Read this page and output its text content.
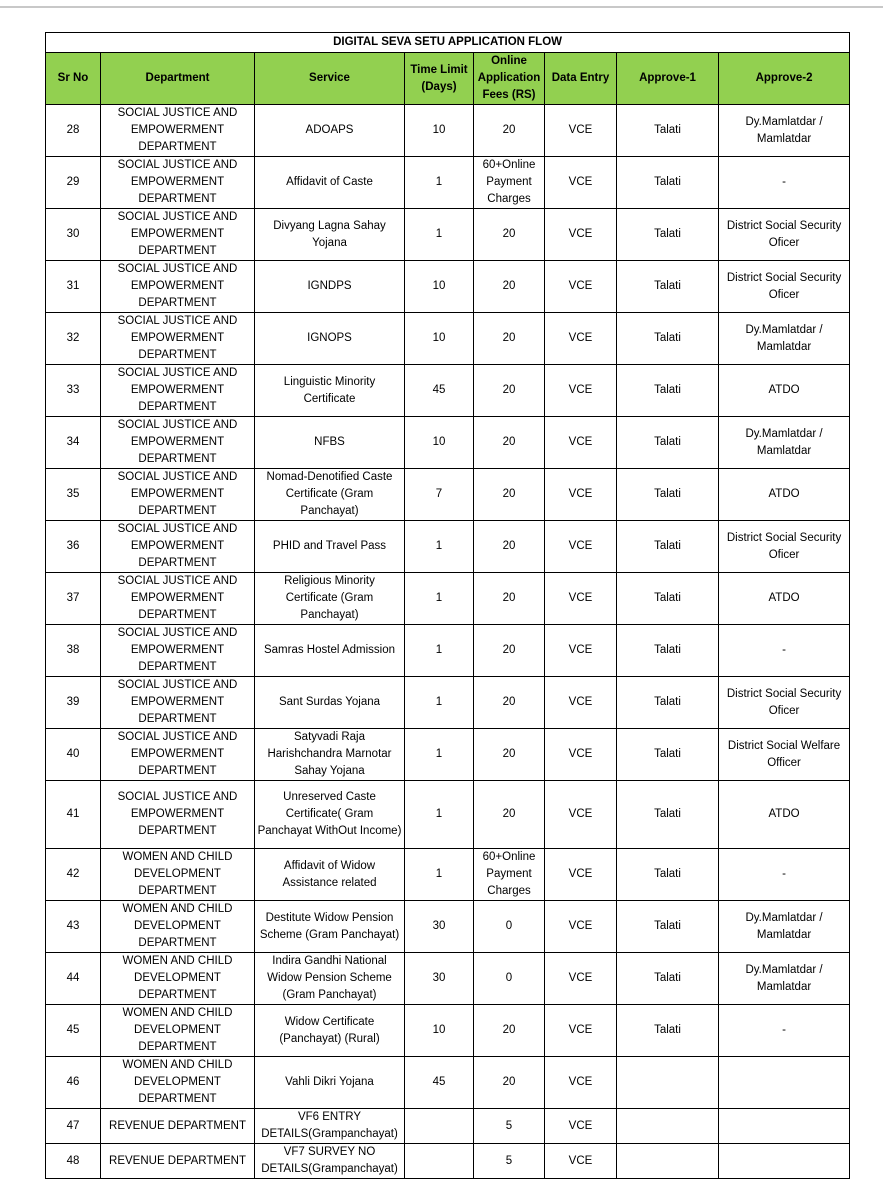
DIGITAL SEVA SETU APPLICATION FLOW							
Sr No	Department	Service	Time Limit (Days)	Online Application Fees (RS)	Data Entry	Approve-1	Approve-2
28	SOCIAL JUSTICE AND EMPOWERMENT DEPARTMENT	ADOAPS	10	20	VCE	Talati	Dy.Mamlatdar / Mamlatdar
29	SOCIAL JUSTICE AND EMPOWERMENT DEPARTMENT	Affidavit of Caste	1	60+Online Payment Charges	VCE	Talati	-
30	SOCIAL JUSTICE AND EMPOWERMENT DEPARTMENT	Divyang Lagna Sahay Yojana	1	20	VCE	Talati	District Social Security Oficer
31	SOCIAL JUSTICE AND EMPOWERMENT DEPARTMENT	IGNDPS	10	20	VCE	Talati	District Social Security Oficer
32	SOCIAL JUSTICE AND EMPOWERMENT DEPARTMENT	IGNOPS	10	20	VCE	Talati	Dy.Mamlatdar / Mamlatdar
33	SOCIAL JUSTICE AND EMPOWERMENT DEPARTMENT	Linguistic Minority Certificate	45	20	VCE	Talati	ATDO
34	SOCIAL JUSTICE AND EMPOWERMENT DEPARTMENT	NFBS	10	20	VCE	Talati	Dy.Mamlatdar / Mamlatdar
35	SOCIAL JUSTICE AND EMPOWERMENT DEPARTMENT	Nomad-Denotified Caste Certificate (Gram Panchayat)	7	20	VCE	Talati	ATDO
36	SOCIAL JUSTICE AND EMPOWERMENT DEPARTMENT	PHID and Travel Pass	1	20	VCE	Talati	District Social Security Oficer
37	SOCIAL JUSTICE AND EMPOWERMENT DEPARTMENT	Religious Minority Certificate (Gram Panchayat)	1	20	VCE	Talati	ATDO
38	SOCIAL JUSTICE AND EMPOWERMENT DEPARTMENT	Samras Hostel Admission	1	20	VCE	Talati	-
39	SOCIAL JUSTICE AND EMPOWERMENT DEPARTMENT	Sant Surdas Yojana	1	20	VCE	Talati	District Social Security Oficer
40	SOCIAL JUSTICE AND EMPOWERMENT DEPARTMENT	Satyvadi Raja Harishchandra Marnotar Sahay Yojana	1	20	VCE	Talati	District Social Welfare Officer
41	SOCIAL JUSTICE AND EMPOWERMENT DEPARTMENT	Unreserved Caste Certificate( Gram Panchayat WithOut Income)	1	20	VCE	Talati	ATDO
42	WOMEN AND CHILD DEVELOPMENT DEPARTMENT	Affidavit of Widow Assistance related	1	60+Online Payment Charges	VCE	Talati	-
43	WOMEN AND CHILD DEVELOPMENT DEPARTMENT	Destitute Widow Pension Scheme (Gram Panchayat)	30	0	VCE	Talati	Dy.Mamlatdar / Mamlatdar
44	WOMEN AND CHILD DEVELOPMENT DEPARTMENT	Indira Gandhi National Widow Pension Scheme (Gram Panchayat)	30	0	VCE	Talati	Dy.Mamlatdar / Mamlatdar
45	WOMEN AND CHILD DEVELOPMENT DEPARTMENT	Widow Certificate (Panchayat) (Rural)	10	20	VCE	Talati	-
46	WOMEN AND CHILD DEVELOPMENT DEPARTMENT	Vahli Dikri Yojana	45	20	VCE		
47	REVENUE DEPARTMENT	VF6 ENTRY DETAILS(Grampanchayat)		5	VCE		
48	REVENUE DEPARTMENT	VF7 SURVEY NO DETAILS(Grampanchayat)		5	VCE		
